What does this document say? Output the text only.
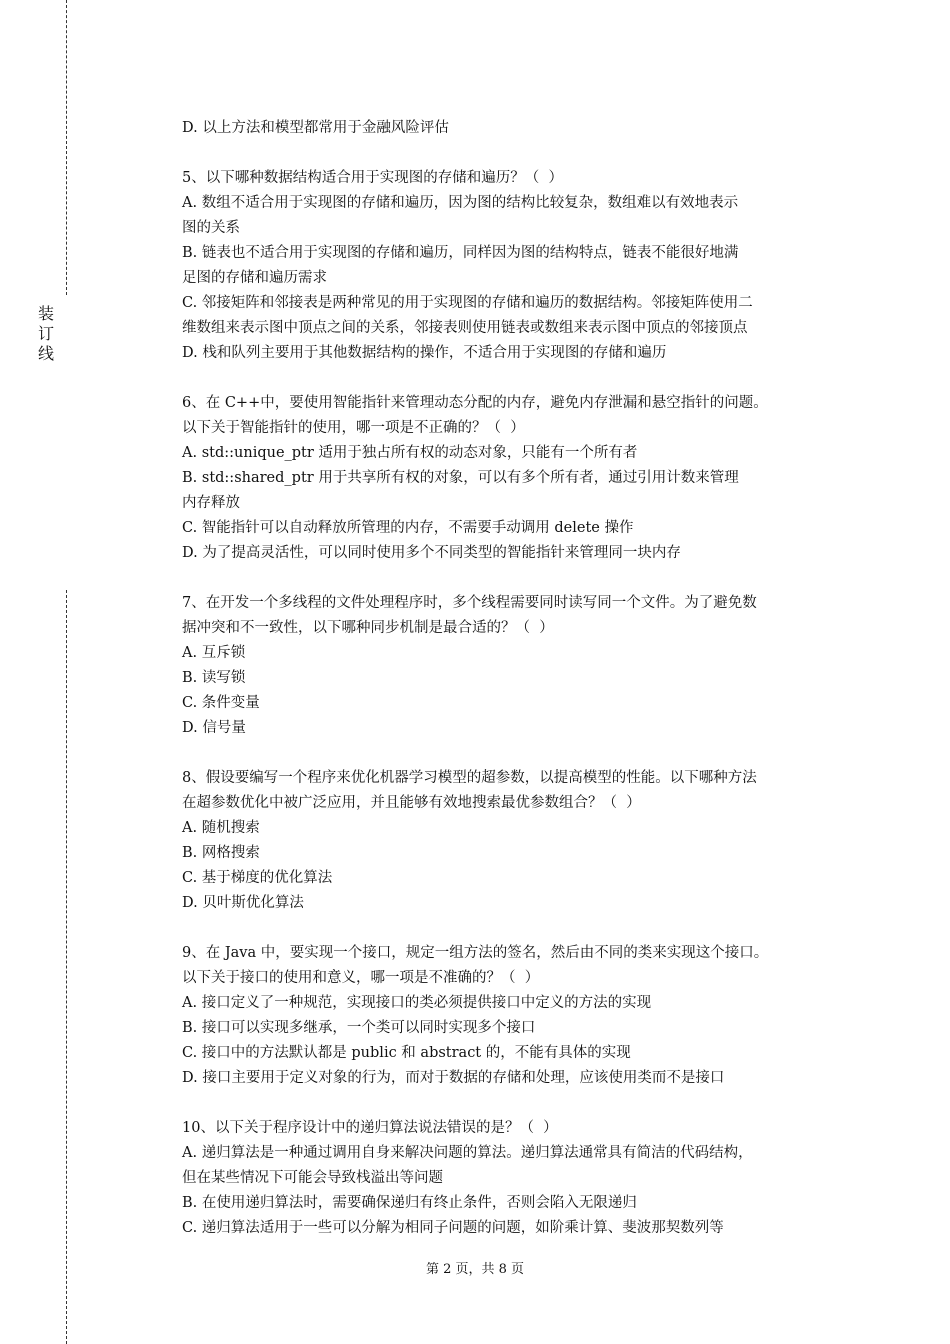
装订线
D. 以上方法和模型都常用于金融风险评估
5、以下哪种数据结构适合用于实现图的存储和遍历？（  ）
A. 数组不适合用于实现图的存储和遍历，因为图的结构比较复杂，数组难以有效地表示
图的关系
B. 链表也不适合用于实现图的存储和遍历，同样因为图的结构特点，链表不能很好地满
足图的存储和遍历需求
C. 邻接矩阵和邻接表是两种常见的用于实现图的存储和遍历的数据结构。邻接矩阵使用二
维数组来表示图中顶点之间的关系，邻接表则使用链表或数组来表示图中顶点的邻接顶点
D. 栈和队列主要用于其他数据结构的操作，不适合用于实现图的存储和遍历
6、在 C++中，要使用智能指针来管理动态分配的内存，避免内存泄漏和悬空指针的问题。
以下关于智能指针的使用，哪一项是不正确的？（  ）
A. std::unique_ptr 适用于独占所有权的动态对象，只能有一个所有者
B. std::shared_ptr 用于共享所有权的对象，可以有多个所有者，通过引用计数来管理
内存释放
C. 智能指针可以自动释放所管理的内存，不需要手动调用 delete 操作
D. 为了提高灵活性，可以同时使用多个不同类型的智能指针来管理同一块内存
7、在开发一个多线程的文件处理程序时，多个线程需要同时读写同一个文件。为了避免数
据冲突和不一致性，以下哪种同步机制是最合适的？（  ）
A. 互斥锁
B. 读写锁
C. 条件变量
D. 信号量
8、假设要编写一个程序来优化机器学习模型的超参数，以提高模型的性能。以下哪种方法
在超参数优化中被广泛应用，并且能够有效地搜索最优参数组合？（  ）
A. 随机搜索
B. 网格搜索
C. 基于梯度的优化算法
D. 贝叶斯优化算法
9、在 Java 中，要实现一个接口，规定一组方法的签名，然后由不同的类来实现这个接口。
以下关于接口的使用和意义，哪一项是不准确的？（  ）
A. 接口定义了一种规范，实现接口的类必须提供接口中定义的方法的实现
B. 接口可以实现多继承，一个类可以同时实现多个接口
C. 接口中的方法默认都是 public 和 abstract 的，不能有具体的实现
D. 接口主要用于定义对象的行为，而对于数据的存储和处理，应该使用类而不是接口
10、以下关于程序设计中的递归算法说法错误的是？（  ）
A. 递归算法是一种通过调用自身来解决问题的算法。递归算法通常具有简洁的代码结构，
但在某些情况下可能会导致栈溢出等问题
B. 在使用递归算法时，需要确保递归有终止条件，否则会陷入无限递归
C. 递归算法适用于一些可以分解为相同子问题的问题，如阶乘计算、斐波那契数列等
第 2 页，共 8 页
